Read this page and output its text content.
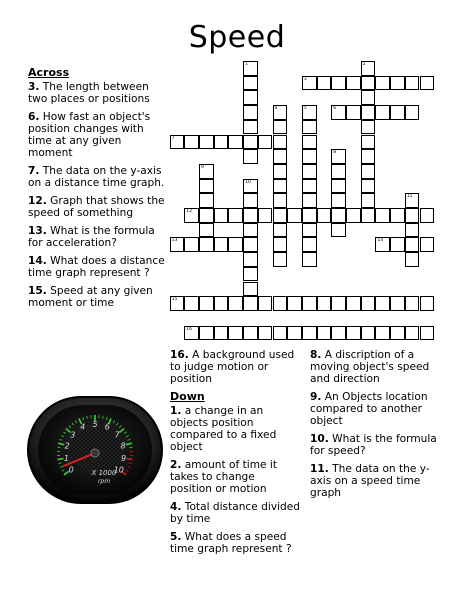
Speed
Across
3. The length between two places or positions
6. How fast an object's position changes with time at any given moment
7. The data on the y-axis on a distance time graph.
12. Graph that shows the speed of something
13. What is the formula for acceleration?
14. What does a distance time graph represent ?
15. Speed at any given moment or time
16. A background used to judge motion or position
Down
1. a change in an objects position compared to a fixed object
2. amount of time it takes to change position or motion
4. Total distance divided by time
5. What does a speed time graph represent ?
8. A discription of a moving object's speed and direction
9. An Objects location compared to another object
10. What is the formula for speed?
11. The data on the y-axis on a speed time graph
1	2
3
4	5	6
7
8
9
10
11
12
13	14
15
16
0
1
2
3
4 5 6
7
8
9
10
X 1000
rpm
